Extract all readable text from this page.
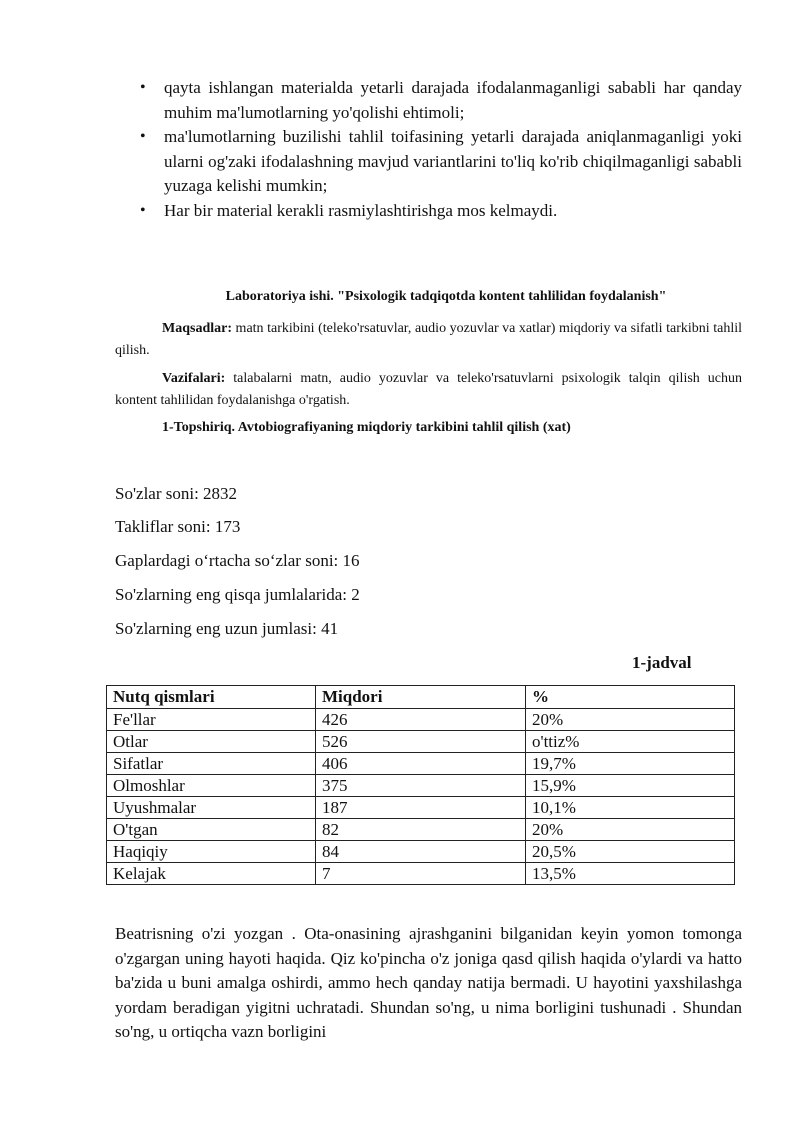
• qayta ishlangan materialda yetarli darajada ifodalanmaganligi sababli har qanday muhim ma'lumotlarning yo'qolishi ehtimoli;
• ma'lumotlarning buzilishi tahlil toifasining yetarli darajada aniqlanmaganligi yoki ularni og'zaki ifodalashning mavjud variantlarini to'liq ko'rib chiqilmaganligi sababli yuzaga kelishi mumkin;
• Har bir material kerakli rasmiylashtirishga mos kelmaydi.
Laboratoriya ishi. "Psixologik tadqiqotda kontent tahlilidan foydalanish"
Maqsadlar: matn tarkibini (teleko'rsatuvlar, audio yozuvlar va xatlar) miqdoriy va sifatli tarkibni tahlil qilish.
Vazifalari: talabalarni matn, audio yozuvlar va teleko'rsatuvlarni psixologik talqin qilish uchun kontent tahlilidan foydalanishga o'rgatish.
1-Topshiriq. Avtobiografiyaning miqdoriy tarkibini tahlil qilish (xat)
So'zlar soni: 2832
Takliflar soni: 173
Gaplardagi o‘rtacha so‘zlar soni: 16
So'zlarning eng qisqa jumlalarida: 2
So'zlarning eng uzun jumlasi: 41
1-jadval
Nutq qismlari	Miqdori	%
Fe'llar	426	20%
Otlar	526	o'ttiz%
Sifatlar	406	19,7%
Olmoshlar	375	15,9%
Uyushmalar	187	10,1%
O'tgan	82	20%
Haqiqiy	84	20,5%
Kelajak	7	13,5%
Beatrisning o'zi yozgan . Ota-onasining ajrashganini bilganidan keyin yomon tomonga o'zgargan uning hayoti haqida. Qiz ko'pincha o'z joniga qasd qilish haqida o'ylardi va hatto ba'zida u buni amalga oshirdi, ammo hech qanday natija bermadi. U hayotini yaxshilashga yordam beradigan yigitni uchratadi. Shundan so'ng, u nima borligini tushunadi . Shundan so'ng, u ortiqcha vazn borligini
